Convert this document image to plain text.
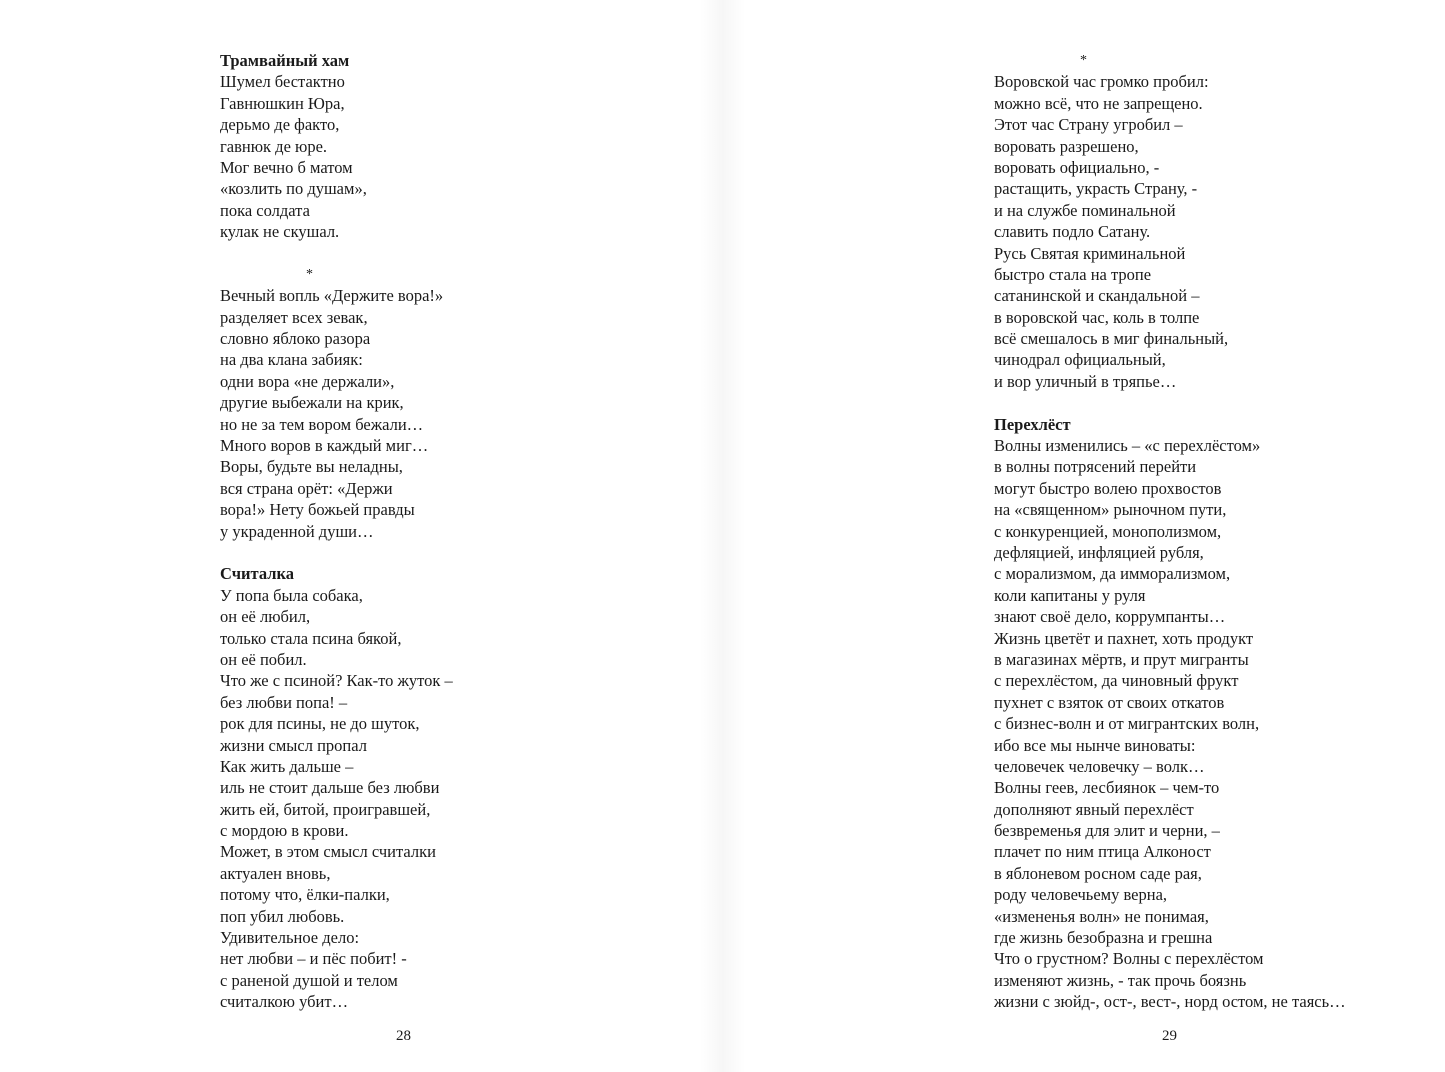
Трамвайный хам
Шумел бестактно
Гавнюшкин Юра,
дерьмо де факто,
гавнюк де юре.
Мог вечно б матом
«козлить по душам»,
пока солдата
кулак не скушал.
*
Вечный вопль «Держите вора!»
разделяет всех зевак,
словно яблоко разора
на два клана забияк:
одни вора «не держали»,
другие выбежали на крик,
но не за тем вором бежали…
Много воров в каждый миг…
Воры, будьте вы неладны,
вся страна орёт: «Держи
вора!» Нету божьей правды
у украденной души…
Считалка
У попа была собака,
он её любил,
только стала псина бякой,
он её побил.
Что же с псиной? Как-то жуток –
без любви попа! –
рок для псины, не до шуток,
жизни смысл пропал
Как жить дальше –
иль не стоит дальше без любви
жить ей, битой, проигравшей,
с мордою в крови.
Может, в этом смысл считалки
актуален вновь,
потому что, ёлки-палки,
поп убил любовь.
Удивительное дело:
нет любви – и пёс побит! -
с раненой душой и телом
считалкою убит…
28
*
Воровской час громко пробил:
можно всё, что не запрещено.
Этот час Страну угробил –
воровать разрешено,
воровать официально, -
растащить, украсть Страну, -
и на службе поминальной
славить подло Сатану.
Русь Святая криминальной
быстро стала на тропе
сатанинской и скандальной –
в воровской час, коль в толпе
всё смешалось в миг финальный,
чинодрал официальный,
и вор уличный в тряпье…
Перехлёст
Волны изменились – «с перехлёстом»
в волны потрясений перейти
могут быстро волею прохвостов
на «священном» рыночном пути,
с конкуренцией, монополизмом,
дефляцией, инфляцией рубля,
с морализмом, да имморализмом,
коли капитаны у руля
знают своё дело, коррумпанты…
Жизнь цветёт и пахнет, хоть продукт
в магазинах мёртв, и прут мигранты
с перехлёстом, да чиновный фрукт
пухнет с взяток от своих откатов
с бизнес-волн и от мигрантских волн,
ибо все мы нынче виноваты:
человечек человечку – волк…
Волны геев, лесбиянок – чем-то
дополняют явный перехлёст
безвременья для элит и черни, –
плачет по ним птица Алконост
в яблоневом росном саде рая,
роду человечьему верна,
«измененья волн» не понимая,
где жизнь безобразна и грешна
Что о грустном? Волны с перехлёстом
изменяют жизнь, - так прочь боязнь
жизни с зюйд-, ост-, вест-, норд остом, не таясь…
29
